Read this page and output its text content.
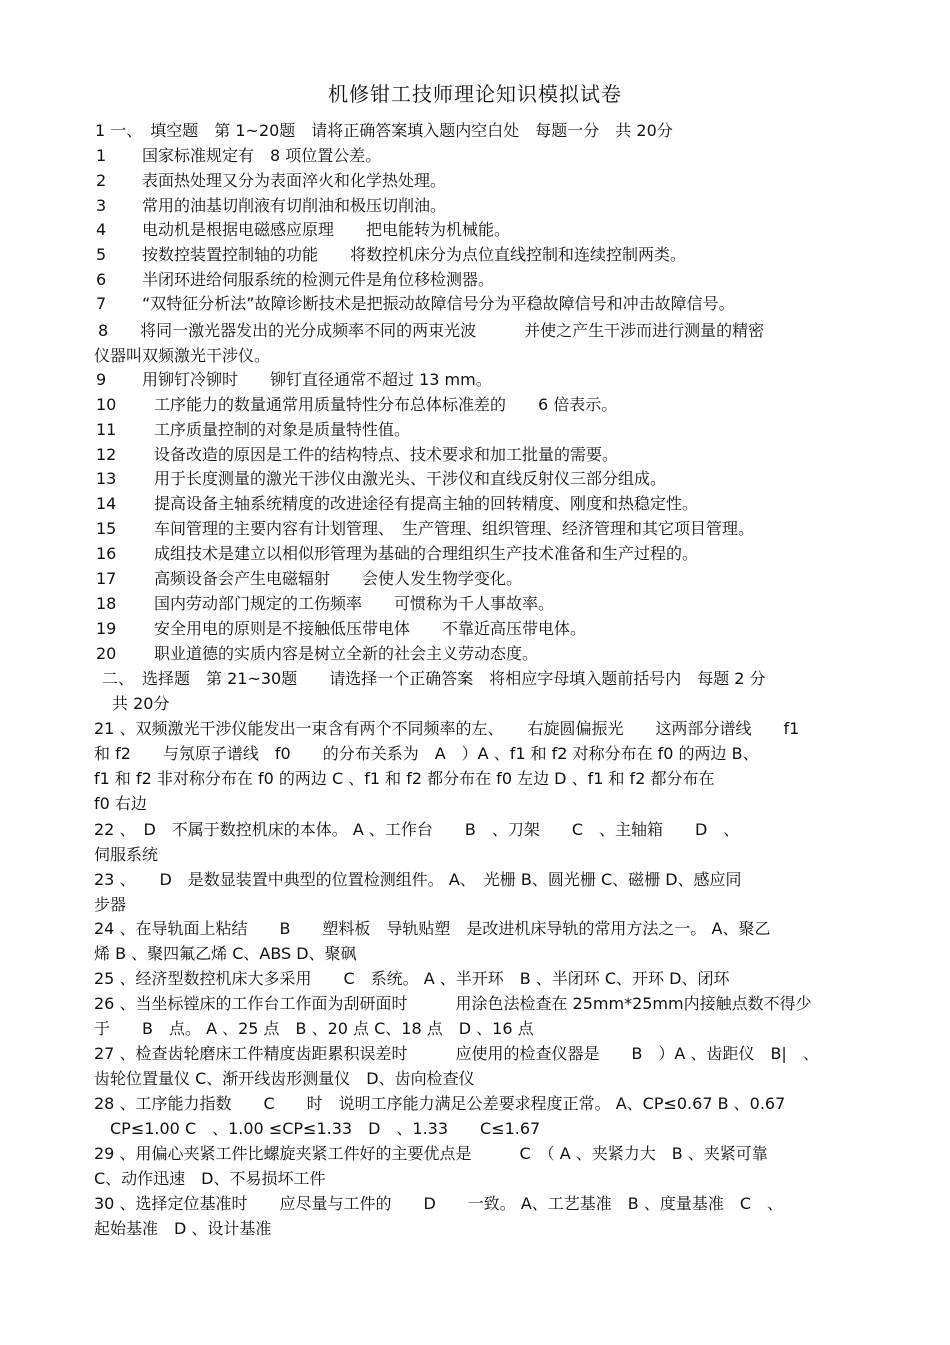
机修钳工技师理论知识模拟试卷
1 一、　填空题　第 1~20题　请将正确答案填入题内空白处　每题一分　共 20分
1 国家标准规定有　8 项位置公差。
2 表面热处理又分为表面淬火和化学热处理。
3 常用的油基切削液有切削油和极压切削油。
4 电动机是根据电磁感应原理　　把电能转为机械能。
5 按数控装置控制轴的功能　　将数控机床分为点位直线控制和连续控制两类。
6 半闭环进给伺服系统的检测元件是角位移检测器。
7 “双特征分析法”故障诊断技术是把振动故障信号分为平稳故障信号和冲击故障信号。
8　　将同一激光器发出的光分成频率不同的两束光波　　　并使之产生干涉而进行测量的精密
仪器叫双频激光干涉仪。
9 用铆钉冷铆时　　铆钉直径通常不超过 13 mm。
10 工序能力的数量通常用质量特性分布总体标准差的　　6 倍表示。
11 工序质量控制的对象是质量特性值。
12 设备改造的原因是工件的结构特点、技术要求和加工批量的需要。
13 用于长度测量的激光干涉仪由激光头、干涉仪和直线反射仪三部分组成。
14 提高设备主轴系统精度的改进途径有提高主轴的回转精度、刚度和热稳定性。
15 车间管理的主要内容有计划管理、　生产管理、组织管理、经济管理和其它项目管理。
16 成组技术是建立以相似形管理为基础的合理组织生产技术准备和生产过程的。
17 高频设备会产生电磁辐射　　会使人发生物学变化。
18 国内劳动部门规定的工伤频率　　可惯称为千人事故率。
19 安全用电的原则是不接触低压带电体　　不靠近高压带电体。
20 职业道德的实质内容是树立全新的社会主义劳动态度。
二、　选择题　第 21~30题　　请选择一个正确答案　将相应字母填入题前括号内　每题 2 分
共 20分
21 、双频激光干涉仪能发出一束含有两个不同频率的左、　　右旋圆偏振光　　这两部分谱线　　f1
和 f2　　与氖原子谱线　f0　　的分布关系为　A　）A 、f1 和 f2 对称分布在 f0 的两边 B、
f1 和 f2 非对称分布在 f0 的两边 C 、f1 和 f2 都分布在 f0 左边 D 、f1 和 f2 都分布在
f0 右边
22 、　D　不属于数控机床的本体。 A 、工作台　　B　、刀架　　C　、主轴箱　　D　、
伺服系统
23 、　　D　是数显装置中典型的位置检测组件。 A、　光栅 B、圆光栅 C、磁栅 D、感应同
步器
24 、在导轨面上粘结　　B　　塑料板　导轨贴塑　是改进机床导轨的常用方法之一。 A、聚乙
烯 B 、聚四氟乙烯 C、ABS D、聚砜
25 、经济型数控机床大多采用　　C　系统。 A 、半开环　B 、半闭环 C、开环 D、闭环
26 、当坐标镗床的工作台工作面为刮研面时　　　用涂色法检查在 25mm*25mm内接触点数不得少
于　　B　点。 A 、25 点　B 、20 点 C、18 点　D 、16 点
27 、检查齿轮磨床工件精度齿距累积误差时　　　应使用的检查仪器是　　B　）A 、齿距仪　B|　、
齿轮位置量仪 C、渐开线齿形测量仪　D、齿向检查仪
28 、工序能力指数　　C　　时　说明工序能力满足公差要求程度正常。 A、CP≤0.67 B 、0.67
　CP≤1.00 C　、1.00 ≤CP≤1.33　D　、1.33　　C≤1.67
29 、用偏心夹紧工件比螺旋夹紧工件好的主要优点是　　　C　（ A 、夹紧力大　B 、夹紧可靠
C、动作迅速　D、不易损坏工件
30 、选择定位基准时　　应尽量与工件的　　D　　一致。 A、工艺基准　B 、度量基准　C　、
起始基准　D 、设计基准
